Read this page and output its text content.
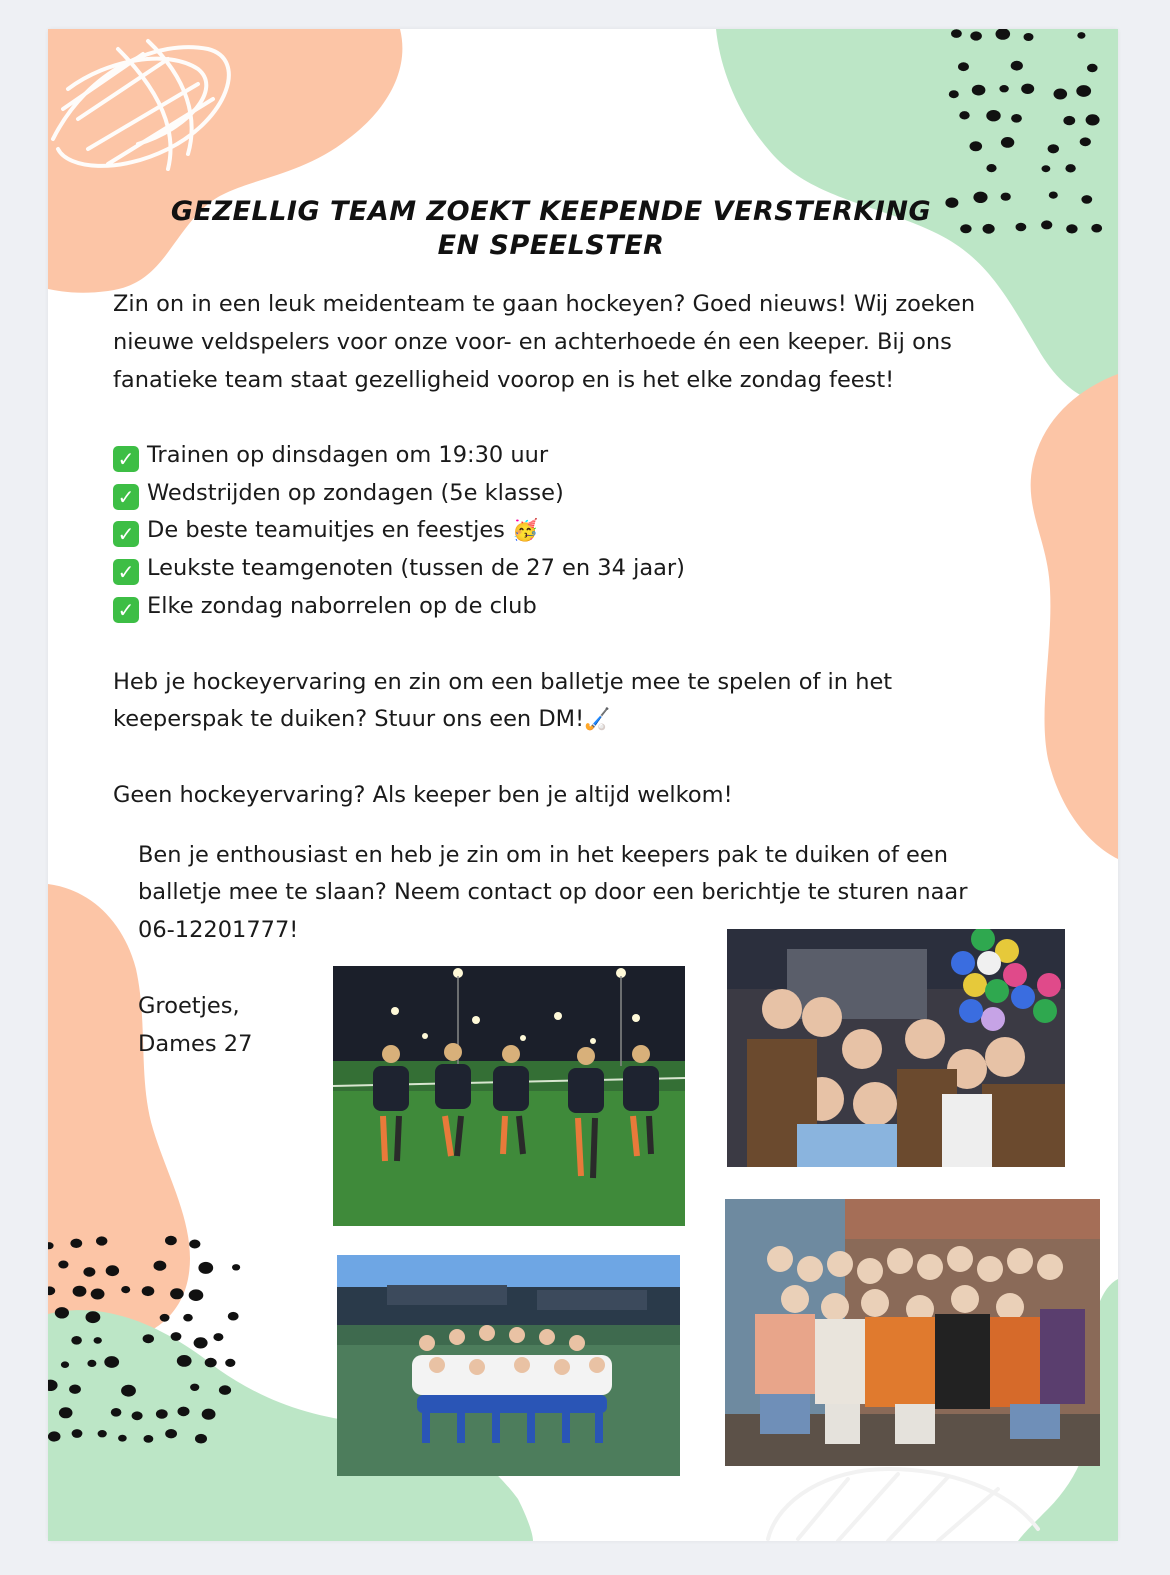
GEZELLIG TEAM ZOEKT KEEPENDE VERSTERKING
EN SPEELSTER

Zin on in een leuk meidenteam te gaan hockeyen? Goed nieuws! Wij zoeken

nieuwe veldspelers voor onze voor- en achterhoede én een keeper. Bij ons

fanatieke team staat gezelligheid voorop en is het elke zondag feest!

✓ Trainen op dinsdagen om 19:30 uur
✓ Wedstrijden op zondagen (5e klasse)
✓ De beste teamuitjes en feestjes 🥳
✓ Leukste teamgenoten (tussen de 27 en 34 jaar)
✓ Elke zondag naborrelen op de club

Heb je hockeyervaring en zin om een balletje mee te spelen of in het

keeperspak te duiken? Stuur ons een DM!🏑

Geen hockeyervaring? Als keeper ben je altijd welkom!

Ben je enthousiast en heb je zin om in het keepers pak te duiken of een

balletje mee te slaan? Neem contact op door een berichtje te sturen naar

06-12201777!

Groetjes,

Dames 27
